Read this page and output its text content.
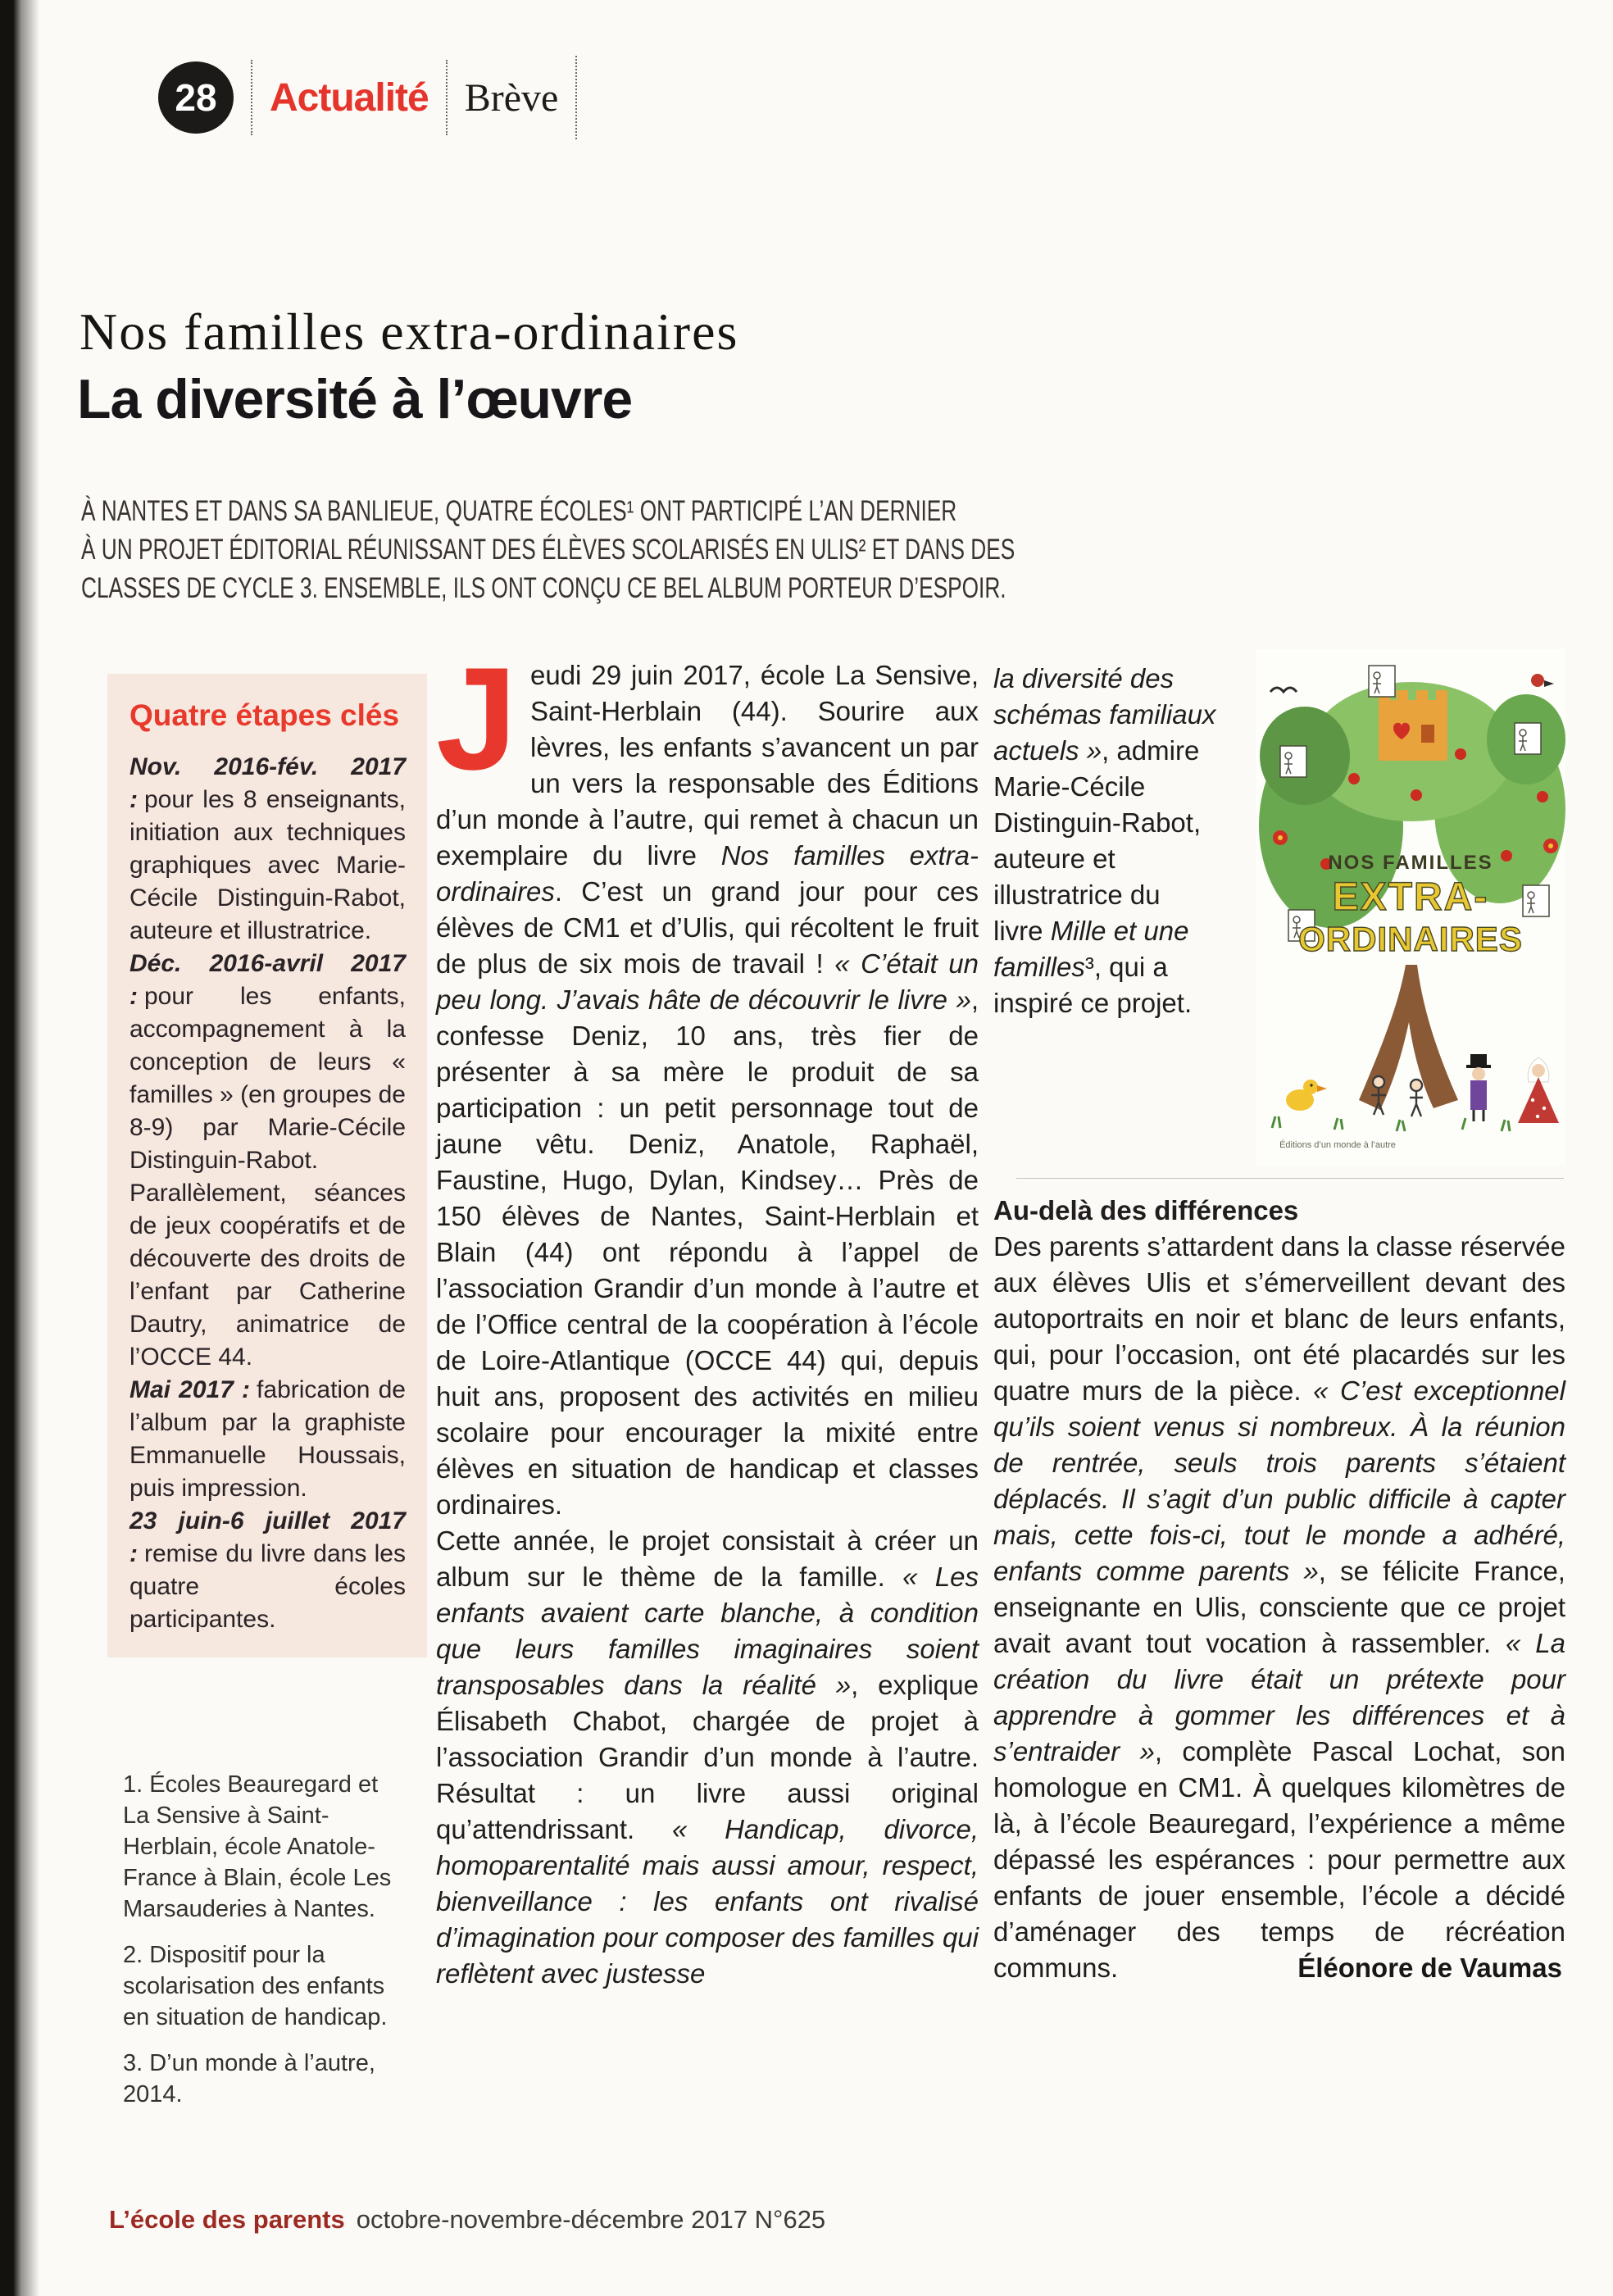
28 Actualité Brève
Nos familles extra-ordinaires
La diversité à l’œuvre
À NANTES ET DANS SA BANLIEUE, QUATRE ÉCOLES¹ ONT PARTICIPÉ L’AN DERNIER
À UN PROJET ÉDITORIAL RÉUNISSANT DES ÉLÈVES SCOLARISÉS EN ULIS² ET DANS DES
CLASSES DE CYCLE 3. ENSEMBLE, ILS ONT CONÇU CE BEL ALBUM PORTEUR D’ESPOIR.

Quatre étapes clés

Nov. 2016-fév. 2017 : pour les 8 enseignants, initiation aux techniques graphiques avec Marie-Cécile Distinguin-Rabot, auteure et illustratrice.

Déc. 2016-avril 2017 : pour les enfants, accompagnement à la conception de leurs « familles » (en groupes de 8-9) par Marie-Cécile Distinguin-Rabot. Parallèlement, séances de jeux coopératifs et de découverte des droits de l’enfant par Catherine Dautry, animatrice de l’OCCE 44.

Mai 2017 : fabrication de l’album par la graphiste Emmanuelle Houssais, puis impression.

23 juin-6 juillet 2017 : remise du livre dans les quatre écoles participantes.

Jeudi 29 juin 2017, école La Sensive, Saint-Herblain (44). Sourire aux lèvres, les enfants s’avancent un par un vers la responsable des Éditions d’un monde à l’autre, qui remet à chacun un exemplaire du livre Nos familles extra-ordinaires. C’est un grand jour pour ces élèves de CM1 et d’Ulis, qui récoltent le fruit de plus de six mois de travail ! « C’était un peu long. J’avais hâte de découvrir le livre », confesse Deniz, 10 ans, très fier de présenter à sa mère le produit de sa participation : un petit personnage tout de jaune vêtu. Deniz, Anatole, Raphaël, Faustine, Hugo, Dylan, Kindsey… Près de 150 élèves de Nantes, Saint-Herblain et Blain (44) ont répondu à l’appel de l’association Grandir d’un monde à l’autre et de l’Office central de la coopération à l’école de Loire-Atlantique (OCCE 44) qui, depuis huit ans, proposent des activités en milieu scolaire pour encourager la mixité entre élèves en situation de handicap et classes ordinaires.

Cette année, le projet consistait à créer un album sur le thème de la famille. « Les enfants avaient carte blanche, à condition que leurs familles imaginaires soient transposables dans la réalité », explique Élisabeth Chabot, chargée de projet à l’association Grandir d’un monde à l’autre. Résultat : un livre aussi original qu’attendrissant. « Handicap, divorce, homoparentalité mais aussi amour, respect, bienveillance : les enfants ont rivalisé d’imagination pour composer des familles qui reflètent avec justesse

la diversité des schémas familiaux actuels », admire Marie-Cécile Distinguin-Rabot, auteure et illustratrice du livre Mille et une familles³, qui a inspiré ce projet.

NOS FAMILLES
EXTRA-
ORDINAIRES
Éditions d’un monde à l’autre

Au-delà des différences

Des parents s’attardent dans la classe réservée aux élèves Ulis et s’émerveillent devant des autoportraits en noir et blanc de leurs enfants, qui, pour l’occasion, ont été placardés sur les quatre murs de la pièce. « C’est exceptionnel qu’ils soient venus si nombreux. À la réunion de rentrée, seuls trois parents s’étaient déplacés. Il s’agit d’un public difficile à capter mais, cette fois-ci, tout le monde a adhéré, enfants comme parents », se félicite France, enseignante en Ulis, consciente que ce projet avait avant tout vocation à rassembler. « La création du livre était un prétexte pour apprendre à gommer les différences et à s’entraider », complète Pascal Lochat, son homologue en CM1. À quelques kilomètres de là, à l’école Beauregard, l’expérience a même dépassé les espérances : pour permettre aux enfants de jouer ensemble, l’école a décidé d’aménager des temps de récréation communs.	Éléonore de Vaumas

1. Écoles Beauregard et La Sensive à Saint-Herblain, école Anatole-France à Blain, école Les Marsauderies à Nantes.

2. Dispositif pour la scolarisation des enfants en situation de handicap.

3. D’un monde à l’autre, 2014.

L’école des parents octobre-novembre-décembre 2017 N°625
